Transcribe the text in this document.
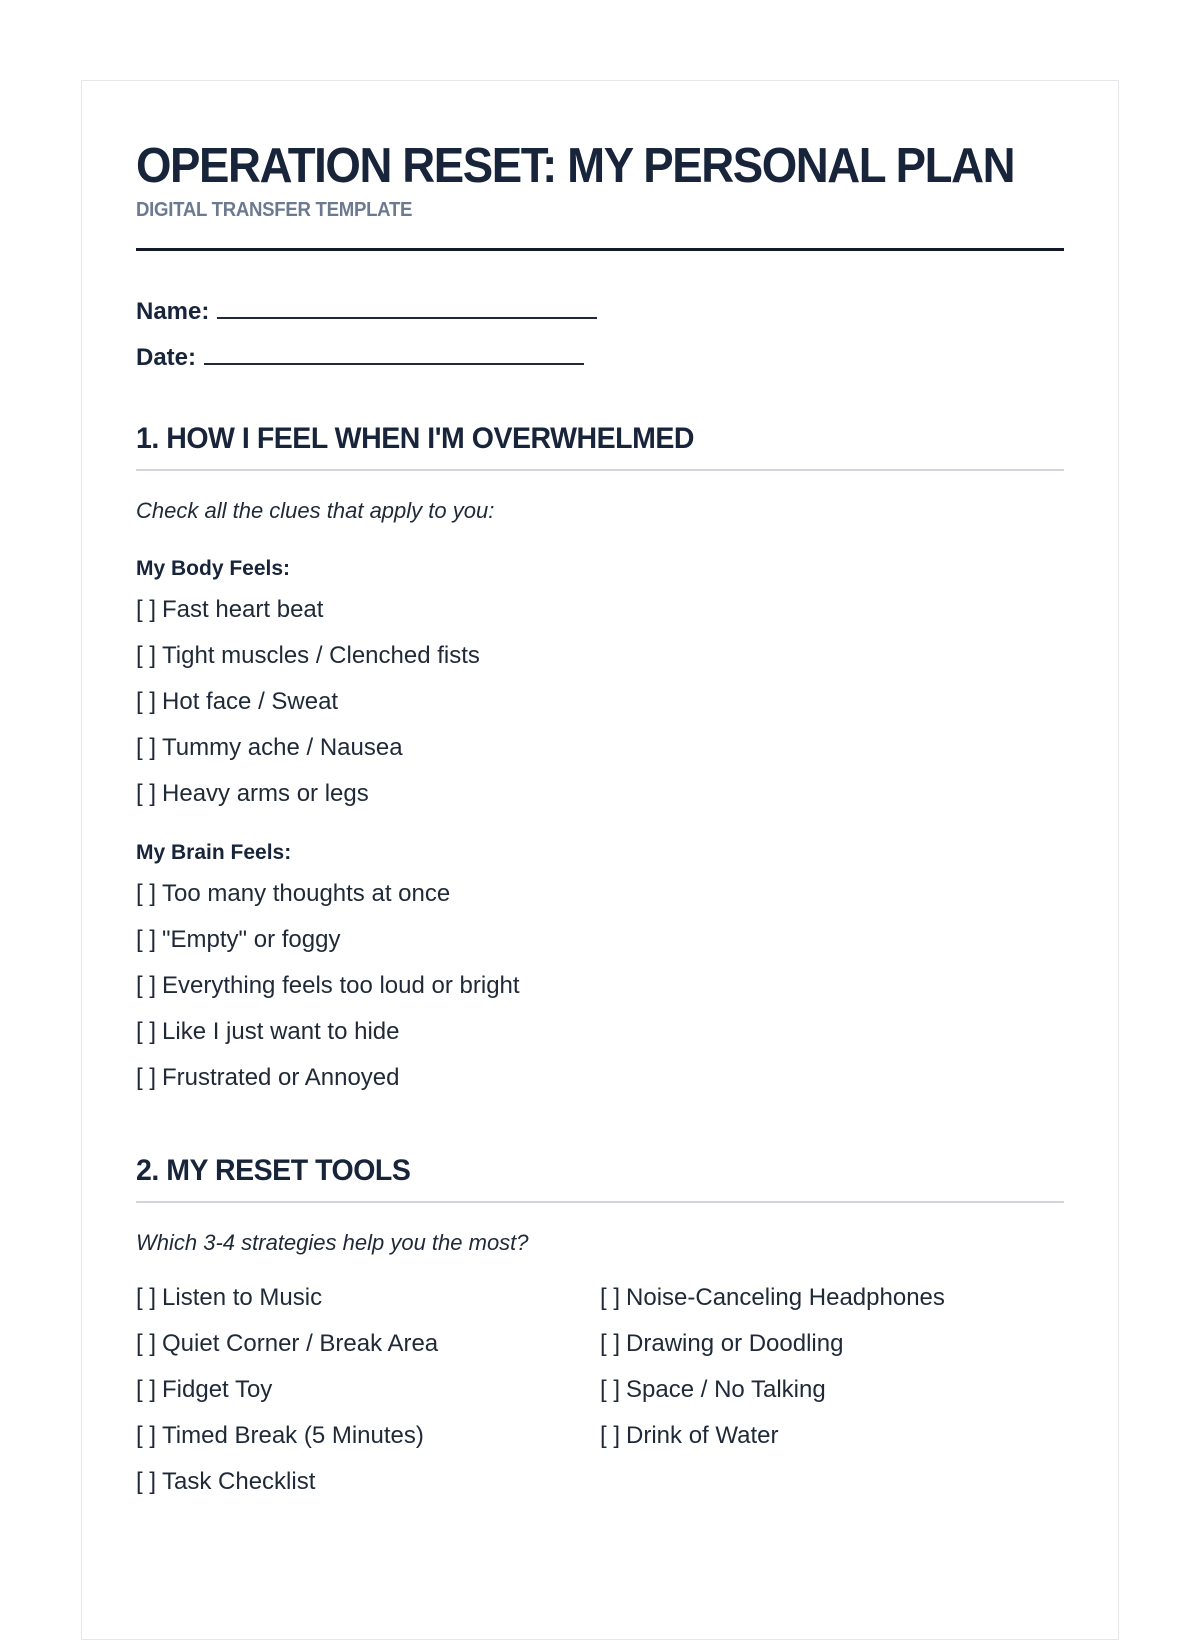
OPERATION RESET: MY PERSONAL PLAN
DIGITAL TRANSFER TEMPLATE
Name:
Date:
1. HOW I FEEL WHEN I'M OVERWHELMED
Check all the clues that apply to you:
My Body Feels:
[ ] Fast heart beat
[ ] Tight muscles / Clenched fists
[ ] Hot face / Sweat
[ ] Tummy ache / Nausea
[ ] Heavy arms or legs
My Brain Feels:
[ ] Too many thoughts at once
[ ] "Empty" or foggy
[ ] Everything feels too loud or bright
[ ] Like I just want to hide
[ ] Frustrated or Annoyed
2. MY RESET TOOLS
Which 3-4 strategies help you the most?
[ ] Listen to Music
[ ] Quiet Corner / Break Area
[ ] Fidget Toy
[ ] Timed Break (5 Minutes)
[ ] Task Checklist
[ ] Noise-Canceling Headphones
[ ] Drawing or Doodling
[ ] Space / No Talking
[ ] Drink of Water
